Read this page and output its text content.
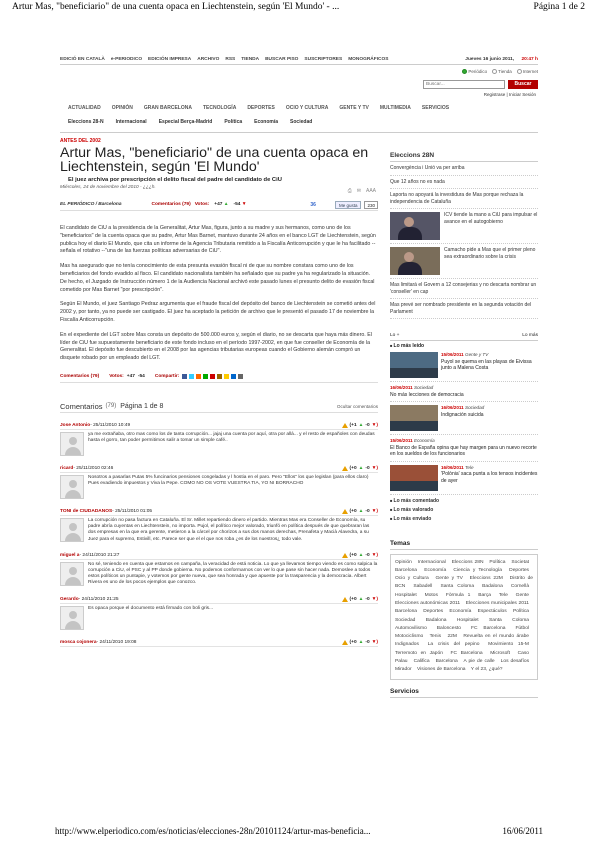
Artur Mas, "beneficiario" de una cuenta opaca en Liechtenstein, según 'El Mundo' - ...	Página 1 de 2
EDICIÓ EN CATALÀ e-PERIODICO EDICIÓN IMPRESA ARCHIVO RSS TIENDA BUSCAR PISO SUSCRIPTORES MONOGRÁFICOS	Jueves 16 junio 2011, 20:47 h
Periódico	Tienda	Internet
Buscar...
Buscar
Registrase | Iniciar Sesión
ACTUALIDAD OPINIÓN GRAN BARCELONA TECNOLOGÍA DEPORTES OCIO Y CULTURA GENTE Y TV MULTIMEDIA SERVICIOS
Eleccions 28-N Internacional Especial Berça-Madrid Política Economía Sociedad
ANTES DEL 2002
Artur Mas, "beneficiario" de una cuenta opaca en Liechtenstein, según 'El Mundo'
El juez archiva por prescripción el delito fiscal del padre del candidato de CiU
Miércoles, 24 de noviembre del 2010 - ¿¿¿h.
⎙ ✉ AAA
EL PERIÓDICO / Barcelona	Comentarios (79) Votos: +47 ▲ -54 ▼	36	Me gusta	230

El candidato de CiU a la presidencia de la Generalitat, Artur Mas, figura, junto a su madre y sus hermanos, como uno de los "beneficiarios" de la cuenta opaca que su padre, Artur Mas Barnet, mantuvo durante 24 años en el banco LGT de Liechtenstein, según publica hoy el diario El Mundo, que cita un informe de la Agencia Tributaria remitido a la Fiscalía Anticorrupción y que le ha facilitado --señala el rotativo --"una de las fuerzas políticas adversarias de CiU".

Mas ha asegurado que no tenía conocimiento de esta presunta evasión fiscal ni de que su nombre constara como uno de los beneficiarios del fondo evadido al fisco. El candidato nacionalista también ha señalado que su padre ya ha regularizado la situación. De hecho, el Juzgado de Instrucción número 1 de la Audiencia Nacional archivó este pasado lunes el presunto delito de evasión fiscal cometido por Mas Barnet "por prescripción".

Según El Mundo, el juez Santiago Pedraz argumenta que el fraude fiscal del depósito del banco de Liechtenstein se cometió antes del 2002 y, por tanto, ya no puede ser castigado. El juez ha aceptado la petición de archivo que le presentó el pasado 17 de noviembre la Fiscalía Anticorrupción.

En el expediente del LGT sobre Mas consta un depósito de 500.000 euros y, según el diario, no se descarta que haya más dinero. El líder de CiU fue supuestamente beneficiario de este fondo incluso en el período 1997-2002, en que fue conseller de Economía de la Generalitat. El depósito fue descubierto en el 2008 por las agencias tributarias europeas cuando el Gobierno alemán compró un disquete robado por un empleado del LGT.

Comentarios (79) Votos: +47 -54 Compartir:
Comentarios (79) Página 1 de 8	Ocultar comentarios
Jose Antonio - 25/11/2010 10:49	(+1 ▲ -0 ▼)
ya me extrañaba, otro mas como los de tanta corrupción... jajaj una cuenta por aquí, otra por allá... y el resto de españoles con deudas hasta el gorro, tan poder permitimos salir a tomar un simple café..
ricard - 25/11/2010 02:46	(+0 ▲ -0 ▼)
Nosotros a pasarlas Putas 5% funcinarios pensiones congeladas y l hostia en el paro. Pero "Ellos" los que legislan (para ellos claro) Pues evadiendo impuestos y Viva la Pepe. COMO NO OS VOTE VUESTRA TIA, YO NI BORRACHO
TONI de CIUDADANOS - 25/11/2010 01:05	(+0 ▲ -0 ▼)
La corrupción no pasa factura en Cataluña. El Sr. Millet repartiendo dinero el partido. Mientras Mas era Conseller de Economía, su padre abría cuyentas en Liechtenstein, no importa. Pujol, el político mejor valorado, triunfó en política después de que quebraran las dos empresas en la que era gerente, metieron a la cárcel por chorizos a sus dos manos derechas, Prenafeta y Macià Alavedra, a su Juez para el supremo, Estivill, etc. Parece ser que el el que nos roba ¿es de los nuestros¿ todo vale.
miguel a - 24/11/2010 21:27	(+0 ▲ -0 ▼)
No sé, teniendo en cuenta que estamos en campaña, la veracidad de está noticia. Lo que ya llevamos tiempo viendo es como salpica la corrupción a CiU, el PSC y al PP donde gobierna. No podemos conformarnos con ver lo que pase sin hacer nada. Demoslee a todos estos políticos un puntapie, y votemos por gente nueva, que sea honrada y que apueste por la trasparencia y la democracia. Albert Rivera es uno de los pocos ejemplos que conozco.
Gerardo - 24/11/2010 21:25	(+0 ▲ -0 ▼)
Es opaca porque el documento está firmado con boli gris...
mosca cojonera - 24/11/2010 19:08	(+0 ▲ -0 ▼)
Eleccions 28N
Convergència i Unió va per arriba
Que 12 años no es nada
Laporta no apoyará la investidura de Mas porque rechaza la independencia de Cataluña
ICV tiende la mano a CiU para impulsar el avance en el autogobierno
Camacho pide a Mas que el primer pleno sea extraordinario sobre la crisis
Mas limitará el Govern a 12 consejerias y no descarta nombrar un 'conseller' en cap
Mas prevé ser nombrado presidente en la segunda votación del Parlament
Lo +	Lo más
■ Lo más leído
15/06/2011 Gente y TV
Puyol se quema en las playas de Eivissa junto a Malena Costa
16/06/2011 Sociedad
No más lecciones de democracia
16/06/2011 Sociedad
Indignación suicida
15/06/2011 Economía
El Banco de España opina que hay margen para un nuevo recorte en los sueldos de los funcionarios
16/06/2011 Tele
'Polònia' saca punta a los tensos incidentes de ayer
■ Lo más comentado
■ Lo más valorado
■ Lo más enviado
Temas
Opinión Internacional Eleccions 28N Política Societat Barcelona Economía Ciencia y Tecnología Deportes Ocio y Cultura Gente y TV Eleccions 22M Distrito de BCN Sabadell Santa Coloma Badalona Cornellà Hospitalet Motos Fòrmula 1 Barça Tele Gente Elecciones autonómicas 2011 Elecciones municipales 2011 Barcelona Deportes Economía Espectáculos Política Sociedad Badalona Hospitalet Santa Coloma Automovilismo Baloncesto FC Barcelona Fútbol Motociclismo Tenis 22M Revuelta en el mundo árabe Indignados La crisis del pepino Movimiento 15-M Terremoto en Japón FC Barcelona Microsoft Caso Palau Califica Barcelona A pie de calle Los desafíos Mirador Visiones de Barcelona Y el 23, ¿qué?
Servicios
http://www.elperiodico.com/es/noticias/elecciones-28n/20101124/artur-mas-beneficia...	16/06/2011
